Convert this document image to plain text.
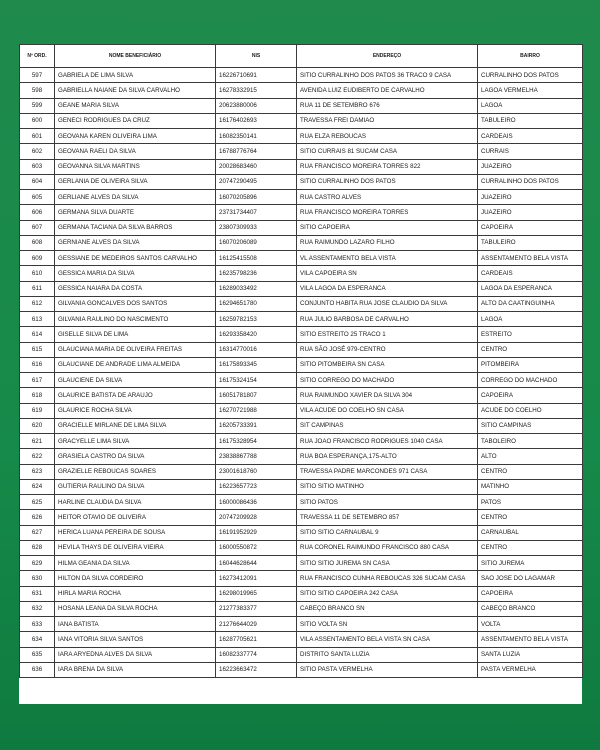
Nº ORD.	NOME BENEFICIÁRIO	NIS	ENDEREÇO	BAIRRO
597	GABRIELA DE LIMA SILVA	16226710691	SITIO CURRALINHO DOS PATOS 36 TRACO 9 CASA	CURRALINHO DOS PATOS
598	GABRIELLA NAIANE DA SILVA CARVALHO	16278332915	AVENIDA LUIZ EUDIBERTO DE CARVALHO	LAGOA VERMELHA
599	GEANE MARIA SILVA	20623880006	RUA 11 DE SETEMBRO 676	LAGOA
600	GENECI RODRIGUES DA CRUZ	16176402693	TRAVESSA FREI DAMIAO	TABULEIRO
601	GEOVANA KAREN OLIVEIRA LIMA	16082350141	RUA ELZA REBOUCAS	CARDEAIS
602	GEOVANA RAELI DA SILVA	16788776764	SITIO CURRAIS 81 SUCAM CASA	CURRAIS
603	GEOVANNA SILVA MARTINS	20028683460	RUA FRANCISCO MOREIRA TORRES 822	JUAZEIRO
604	GERLANIA DE OLIVEIRA SILVA	20747290495	SITIO CURRALINHO DOS PATOS	CURRALINHO DOS PATOS
605	GERLIANE ALVES DA SILVA	16070205896	RUA CASTRO ALVES	JUAZEIRO
606	GERMANA SILVA DUARTE	23731734407	RUA FRANCISCO MOREIRA TORRES	JUAZEIRO
607	GERMANA TACIANA DA SILVA BARROS	23807309933	SITIO CAPOEIRA	CAPOEIRA
608	GERNIANE ALVES DA SILVA	16070206089	RUA RAIMUNDO LAZARO FILHO	TABULEIRO
609	GESSIANE DE MEDEIROS SANTOS CARVALHO	16125415508	VL ASSENTAMENTO BELA VISTA	ASSENTAMENTO BELA VISTA
610	GESSICA MARIA DA SILVA	16235798236	VILA CAPOEIRA SN	CARDEAIS
611	GESSICA NAIARA DA COSTA	16289033492	VILA LAGOA DA ESPERANCA	LAGOA DA ESPERANCA
612	GILVANIA GONCALVES DOS SANTOS	16294651780	CONJUNTO HABITA RUA JOSE CLAUDIO DA SILVA	ALTO DA CAATINGUINHA
613	GILVANIA RAULINO DO NASCIMENTO	16259782153	RUA JULIO BARBOSA DE CARVALHO	LAGOA
614	GISELLE SILVA DE LIMA	16293358420	SITIO ESTREITO 25 TRACO 1	ESTREITO
615	GLAUCIANA MARIA DE OLIVEIRA FREITAS	16314770016	RUA SÃO JOSÉ 979-CENTRO	CENTRO
616	GLAUCIANE DE ANDRADE LIMA ALMEIDA	16175893345	SITIO PITOMBEIRA SN CASA	PITOMBEIRA
617	GLAUCIENE DA SILVA	16175324154	SITIO CORREGO DO MACHADO	CORREGO DO MACHADO
618	GLAURICE BATISTA DE ARAUJO	16051781807	RUA RAIMUNDO XAVIER DA SILVA 304	CAPOEIRA
619	GLAURICE ROCHA SILVA	16270721988	VILA ACUDE DO COELHO SN CASA	ACUDE DO COELHO
620	GRACIELLE MIRLANE DE LIMA SILVA	16205733391	SIT CAMPINAS	SITIO CAMPINAS
621	GRACYELLE LIMA SILVA	16175328954	RUA JOAO FRANCISCO RODRIGUES 1040 CASA	TABOLEIRO
622	GRASIELA CASTRO DA SILVA	23838867788	RUA BOA ESPERANÇA,175-ALTO	ALTO
623	GRAZIELLE REBOUCAS SOARES	23001618760	TRAVESSA PADRE MARCONDES 971 CASA	CENTRO
624	GUTIERIA RAULINO DA SILVA	16223657723	SITIO SITIO MATINHO	MATINHO
625	HARLINE CLAUDIA DA SILVA	16000086436	SITIO PATOS	PATOS
626	HEITOR OTAVIO DE OLIVEIRA	20747209928	TRAVESSA 11 DE SETEMBRO 857	CENTRO
627	HERICA LUANA PEREIRA DE SOUSA	16191952929	SITIO SITIO CARNAUBAL 9	CARNAUBAL
628	HEVILA THAYS DE OLIVEIRA VIEIRA	16000550872	RUA CORONEL RAIMUNDO FRANCISCO 880 CASA	CENTRO
629	HILMA GEANIA DA SILVA	16044628644	SITIO SITIO JUREMA SN CASA	SITIO JUREMA
630	HILTON DA SILVA CORDEIRO	16273412091	RUA FRANCISCO CUNHA REBOUCAS 326 SUCAM CASA	SAO JOSE DO LAGAMAR
631	HIRLA MARIA ROCHA	16298019965	SITIO SITIO CAPOEIRA 242 CASA	CAPOEIRA
632	HOSANA LEANA DA SILVA ROCHA	21277383377	CABEÇO BRANCO SN	CABEÇO BRANCO
633	IANA BATISTA	21276644029	SITIO VOLTA SN	VOLTA
634	IANA VITORIA SILVA SANTOS	16287705621	VILA ASSENTAMENTO BELA VISTA SN CASA	ASSENTAMENTO BELA VISTA
635	IARA ARYEDNA ALVES DA SILVA	16082337774	DISTRITO SANTA LUZIA	SANTA LUZIA
636	IARA BRENA DA SILVA	16223663472	SITIO PASTA VERMELHA	PASTA VERMELHA
